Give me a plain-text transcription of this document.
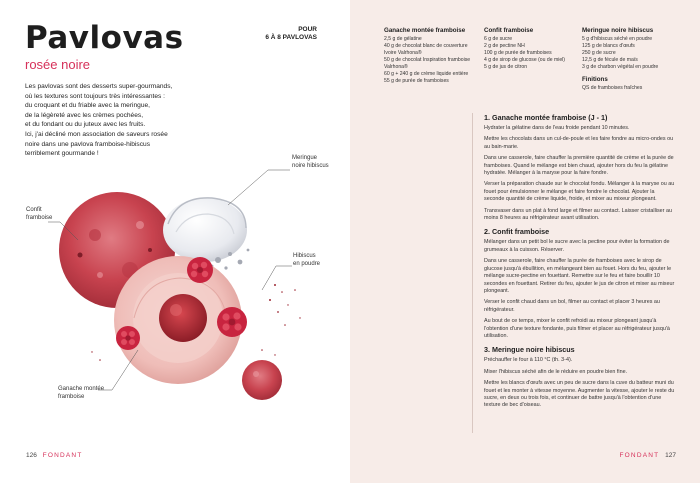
Pavlovas
rosée noire
POUR
6 À 8 PAVLOVAS

Les pavlovas sont des desserts super-gourmands,
où les textures sont toujours très intéressantes :
du croquant et du friable avec la meringue,
de la légèreté avec les crèmes pochées,
et du fondant ou du juteux avec les fruits.
Ici, j'ai décliné mon association de saveurs rosée
noire dans une pavlova framboise-hibiscus
terriblement gourmande !

Meringue
noire hibiscus
Confit
framboise
Hibiscus
en poudre
Ganache montée
framboise
126 FONDANT
Ganache montée framboise
2,5 g de gélatine
40 g de chocolat blanc de couverture
Ivoire Valrhona®
50 g de chocolat Inspiration framboise
Valrhona®
60 g + 240 g de crème liquide entière
55 g de purée de framboises
Confit framboise
6 g de sucre
2 g de pectine NH
100 g de purée de framboises
4 g de sirop de glucose (ou de miel)
5 g de jus de citron
Meringue noire hibiscus
5 g d'hibiscus séché en poudre
125 g de blancs d'œufs
250 g de sucre
12,5 g de fécule de maïs
3 g de charbon végétal en poudre
Finitions
QS de framboises fraîches
1. Ganache montée framboise (J - 1)

Hydrater la gélatine dans de l'eau froide pendant 10 minutes.

Mettre les chocolats dans un cul-de-poule et les faire fondre au micro-ondes ou au bain-marie.

Dans une casserole, faire chauffer la première quantité de crème et la purée de framboises. Quand le mélange est bien chaud, ajouter hors du feu la gélatine hydratée. Mélanger à la maryse pour la faire fondre.

Verser la préparation chaude sur le chocolat fondu. Mélanger à la maryse ou au fouet pour émulsionner le mélange et faire fondre le chocolat. Ajouter la seconde quantité de crème liquide, froide, et mixer au mixeur plongeant.

Transvaser dans un plat à fond large et filmer au contact. Laisser cristalliser au moins 8 heures au réfrigérateur avant utilisation.

2. Confit framboise

Mélanger dans un petit bol le sucre avec la pectine pour éviter la formation de grumeaux à la cuisson. Réserver.

Dans une casserole, faire chauffer la purée de framboises avec le sirop de glucose jusqu'à ébullition, en mélangeant bien au fouet. Hors du feu, ajouter le mélange sucre-pectine en fouettant. Remettre sur le feu et faire bouillir 10 secondes en fouettant. Retirer du feu, ajouter le jus de citron et mixer au mixeur plongeant.

Verser le confit chaud dans un bol, filmer au contact et placer 3 heures au réfrigérateur.

Au bout de ce temps, mixer le confit refroidi au mixeur plongeant jusqu'à l'obtention d'une texture fondante, puis filmer et placer au réfrigérateur jusqu'à utilisation.

3. Meringue noire hibiscus

Préchauffer le four à 110 °C (th. 3-4).

Mixer l'hibiscus séché afin de le réduire en poudre bien fine.

Mettre les blancs d'œufs avec un peu de sucre dans la cuve du batteur muni du fouet et les monter à vitesse moyenne. Augmenter la vitesse, ajouter le reste du sucre, en deux ou trois fois, et continuer de battre jusqu'à l'obtention d'une texture de bec d'oiseau.

FONDANT 127
